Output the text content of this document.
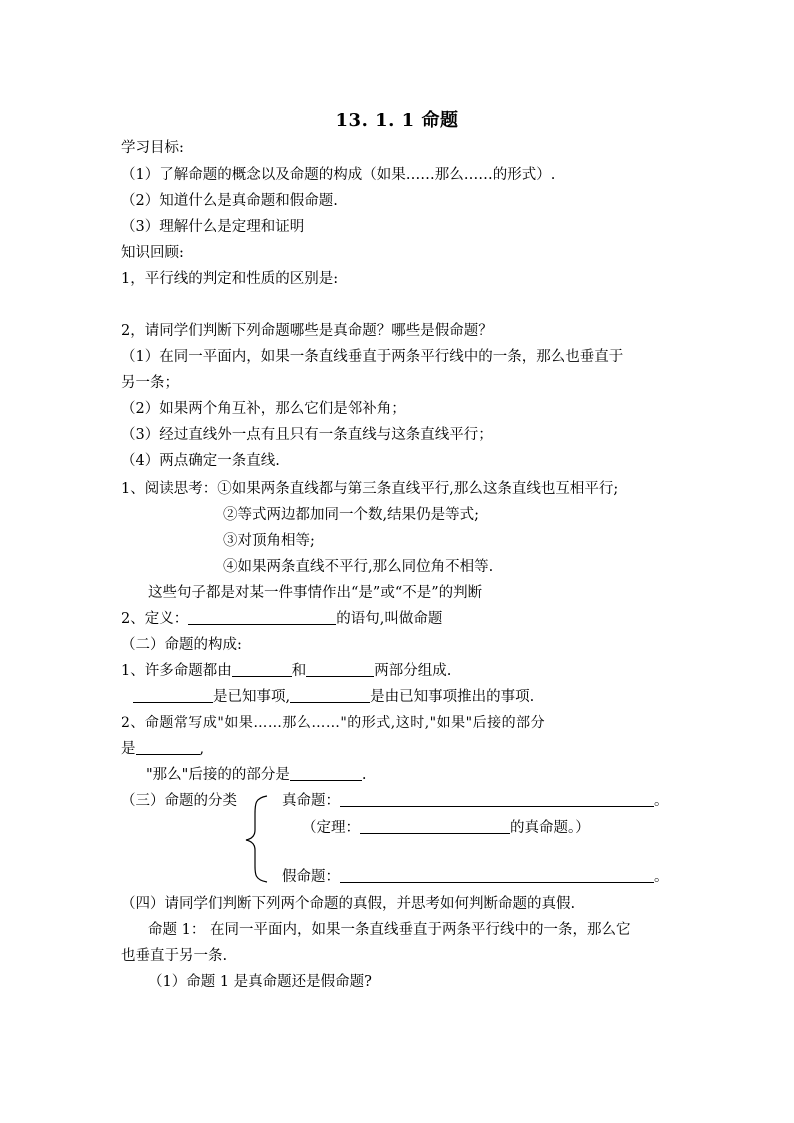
13. 1. 1 命题
学习目标:
（1）了解命题的概念以及命题的构成（如果……那么……的形式）.
（2）知道什么是真命题和假命题.
（3）理解什么是定理和证明
知识回顾:
1，平行线的判定和性质的区别是:
2，请同学们判断下列命题哪些是真命题？哪些是假命题？
（1）在同一平面内，如果一条直线垂直于两条平行线中的一条，那么也垂直于
另一条；
（2）如果两个角互补，那么它们是邻补角；
（3）经过直线外一点有且只有一条直线与这条直线平行；
（4）两点确定一条直线.
1、阅读思考：①如果两条直线都与第三条直线平行,那么这条直线也互相平行;
②等式两边都加同一个数,结果仍是等式;
③对顶角相等;
④如果两条直线不平行,那么同位角不相等.
这些句子都是对某一件事情作出“是”或“不是”的判断
2、定义：	的语句,叫做命题
（二）命题的构成:
1、许多命题都由	和	两部分组成.
是已知事项,	是由已知事项推出的事项.
2、命题常写成"如果……那么……"的形式,这时,"如果"后接的部分
是	,
"那么"后接的的部分是	.
（三）命题的分类	真命题：	。
（定理：	的真命题。）
假命题：	。
（四）请同学们判断下列两个命题的真假，并思考如何判断命题的真假.
命题 1： 在同一平面内，如果一条直线垂直于两条平行线中的一条，那么它
也垂直于另一条.
（1）命题 1 是真命题还是假命题?
